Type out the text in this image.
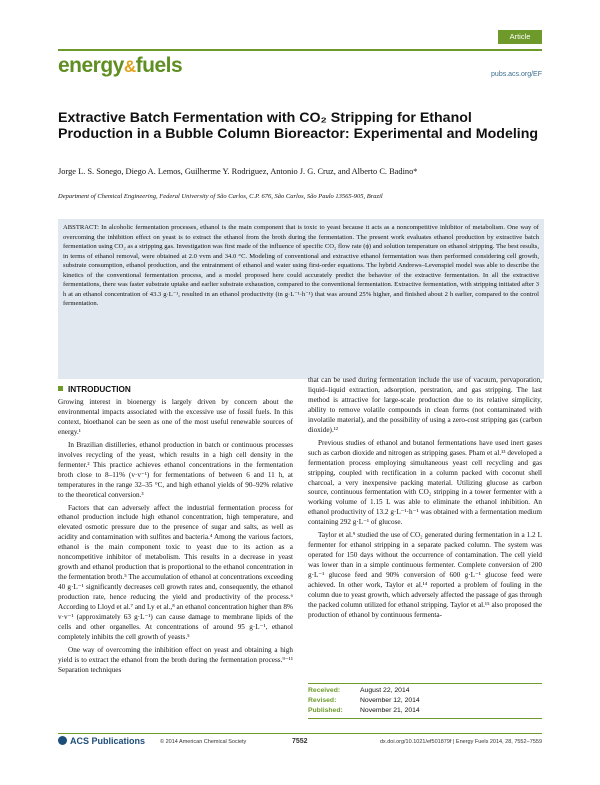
Article
energy&fuels	pubs.acs.org/EF
Extractive Batch Fermentation with CO₂ Stripping for Ethanol Production in a Bubble Column Bioreactor: Experimental and Modeling
Jorge L. S. Sonego, Diego A. Lemos, Guilherme Y. Rodriguez, Antonio J. G. Cruz, and Alberto C. Badino*
Department of Chemical Engineering, Federal University of São Carlos, C.P. 676, São Carlos, São Paulo 13565-905, Brazil
ABSTRACT: In alcoholic fermentation processes, ethanol is the main component that is toxic to yeast because it acts as a noncompetitive inhibitor of metabolism. One way of overcoming the inhibition effect on yeast is to extract the ethanol from the broth during the fermentation. The present work evaluates ethanol production by extractive batch fermentation using CO₂ as a stripping gas. Investigation was first made of the influence of specific CO₂ flow rate (ϕ) and solution temperature on ethanol stripping. The best results, in terms of ethanol removal, were obtained at 2.0 vvm and 34.0 °C. Modeling of conventional and extractive ethanol fermentation was then performed considering cell growth, substrate consumption, ethanol production, and the entrainment of ethanol and water using first-order equations. The hybrid Andrews–Levenspiel model was able to describe the kinetics of the conventional fermentation process, and a model proposed here could accurately predict the behavior of the extractive fermentation. In all the extractive fermentations, there was faster substrate uptake and earlier substrate exhaustion, compared to the conventional fermentation. Extractive fermentation, with stripping initiated after 3 h at an ethanol concentration of 43.3 g·L⁻¹, resulted in an ethanol productivity (in g·L⁻¹·h⁻¹) that was around 25% higher, and finished about 2 h earlier, compared to the control fermentation.
INTRODUCTION

Growing interest in bioenergy is largely driven by concern about the environmental impacts associated with the excessive use of fossil fuels. In this context, bioethanol can be seen as one of the most useful renewable sources of energy.¹

In Brazilian distilleries, ethanol production in batch or continuous processes involves recycling of the yeast, which results in a high cell density in the fermenter.² This practice achieves ethanol concentrations in the fermentation broth close to 8–11% (v·v⁻¹) for fermentations of between 6 and 11 h, at temperatures in the range 32–35 °C, and high ethanol yields of 90–92% relative to the theoretical conversion.³

Factors that can adversely affect the industrial fermentation process for ethanol production include high ethanol concentration, high temperature, and elevated osmotic pressure due to the presence of sugar and salts, as well as acidity and contamination with sulfites and bacteria.⁴ Among the various factors, ethanol is the main component toxic to yeast due to its action as a noncompetitive inhibitor of metabolism. This results in a decrease in yeast growth and ethanol production that is proportional to the ethanol concentration in the fermentation broth.⁵ The accumulation of ethanol at concentrations exceeding 40 g·L⁻¹ significantly decreases cell growth rates and, consequently, the ethanol production rate, hence reducing the yield and productivity of the process.⁶ According to Lloyd et al.⁷ and Ly et al.,⁸ an ethanol concentration higher than 8% v·v⁻¹ (approximately 63 g·L⁻¹) can cause damage to membrane lipids of the cells and other organelles. At concentrations of around 95 g·L⁻¹, ethanol completely inhibits the cell growth of yeasts.⁵

One way of overcoming the inhibition effect on yeast and obtaining a high yield is to extract the ethanol from the broth during the fermentation process.⁹⁻¹¹ Separation techniques

that can be used during fermentation include the use of vacuum, pervaporation, liquid–liquid extraction, adsorption, perstration, and gas stripping. The last method is attractive for large-scale production due to its relative simplicity, ability to remove volatile compounds in clean forms (not contaminated with involatile material), and the possibility of using a zero-cost stripping gas (carbon dioxide).¹²

Previous studies of ethanol and butanol fermentations have used inert gases such as carbon dioxide and nitrogen as stripping gases. Pham et al.¹³ developed a fermentation process employing simultaneous yeast cell recycling and gas stripping, coupled with rectification in a column packed with coconut shell charcoal, a very inexpensive packing material. Utilizing glucose as carbon source, continuous fermentation with CO₂ stripping in a tower fermenter with a working volume of 1.15 L was able to eliminate the ethanol inhibition. An ethanol productivity of 13.2 g·L⁻¹·h⁻¹ was obtained with a fermentation medium containing 292 g·L⁻¹ of glucose.

Taylor et al.⁹ studied the use of CO₂ generated during fermentation in a 1.2 L fermenter for ethanol stripping in a separate packed column. The system was operated for 150 days without the occurrence of contamination. The cell yield was lower than in a simple continuous fermenter. Complete conversion of 200 g·L⁻¹ glucose feed and 90% conversion of 600 g·L⁻¹ glucose feed were achieved. In other work, Taylor et al.¹⁴ reported a problem of fouling in the column due to yeast growth, which adversely affected the passage of gas through the packed column utilized for ethanol stripping. Taylor et al.¹⁵ also proposed the production of ethanol by continuous fermenta-

Received:	August 22, 2014
Revised:	November 12, 2014
Published:	November 21, 2014
ACS Publications	© 2014 American Chemical Society	7552	dx.doi.org/10.1021/ef501879f | Energy Fuels 2014, 28, 7552−7559
